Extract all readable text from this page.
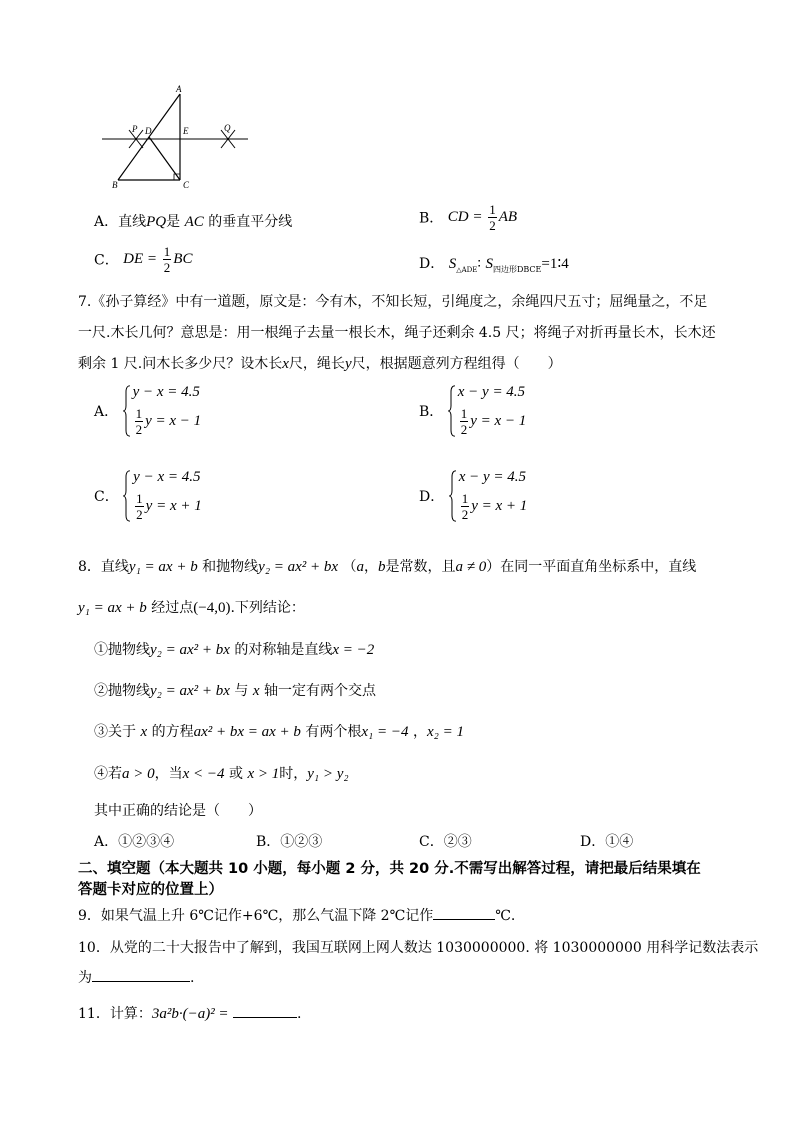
A
P D	E	Q
B	C
A．直线PQ是 AC 的垂直平分线	B． CD = $\frac{1}{2}$ AB
C． DE = $\frac{1}{2}$ BC	D． $S_{\triangle ADE}∶$ $S_{四边形DBCE}=1∶4$
7.《孙子算经》中有一道题，原文是：今有木，不知长短，引绳度之，余绳四尺五寸；屈绳量之，不足
一尺.木长几何？意思是：用一根绳子去量一根长木，绳子还剩余 4.5 尺；将绳子对折再量长木，长木还
剩余 1 尺.问木长多少尺？设木长x尺，绳长y尺，根据题意列方程组得（　　）
A．
y − x = 4.5
$\frac{1}{2}$ y = x − 1
B．
x − y = 4.5
$\frac{1}{2}$ y = x − 1
C．
y − x = 4.5
$\frac{1}{2}$ y = x + 1
D．
x − y = 4.5
$\frac{1}{2}$ y = x + 1
8．直线y₁ = ax + b 和抛物线y₂ = ax² + bx （a，b是常数，且a ≠ 0）在同一平面直角坐标系中，直线
y₁ = ax + b 经过点(−4,0).下列结论：
①抛物线y₂ = ax² + bx 的对称轴是直线x = −2
②抛物线y₂ = ax² + bx 与 x 轴一定有两个交点
③关于 x 的方程ax² + bx = ax + b 有两个根x₁ = −4 ，x₂ = 1
④若a > 0，当x < −4 或 x > 1时，y₁ > y₂
其中正确的结论是（　　）
A．①②③④	B．①②③	C．②③	D．①④
二、填空题（本大题共 10 小题，每小题 2 分，共 20 分.不需写出解答过程，请把最后结果填在
答题卡对应的位置上）
9．如果气温上升 6℃记作+6℃，那么气温下降 2℃记作	℃.
10．从党的二十大报告中了解到，我国互联网上网人数达 1030000000. 将 1030000000 用科学记数法表示
为	.
11．计算：3a²b·(−a)² =	.
